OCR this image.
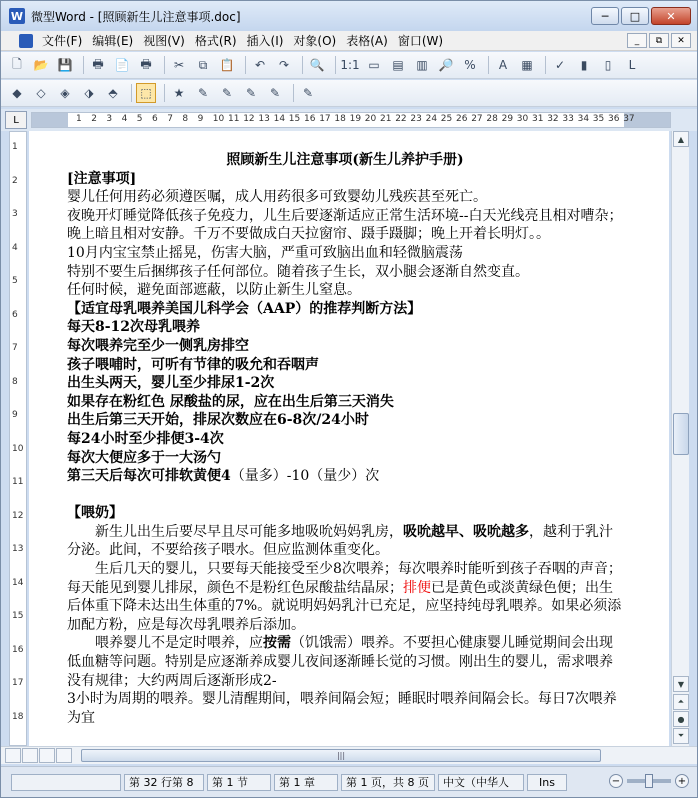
W 微型Word - [照顾新生儿注意事项.doc]	─	□	✕
文件(F) 编辑(E) 视图(V) 格式(R) 插入(I) 对象(O) 表格(A) 窗口(W)	_	⧉	✕
🗋 📂 💾	🖶 📄 🖶	✂	⧉	📋	↶	↷	🔍 1:1 ▭	▤	▥ 🔎 %	A	▦	✓	▮	▯	L
◆	◇	◈	⬗	⬘	⬚	★	✎	✎	✎	✎	✎
L	1 2 3 4 5 6 7 8 9 10 11 12 13 14 15 16 17 18 19 20 21 22 23 24 25 26 27 28 29 30 31 32 33 34 35 36 37
1
2
3
4
5
6
7
8
9
10
11
12
13
14
15
16
17
18

照顾新生儿注意事项(新生儿养护手册)

[注意事项]

婴儿任何用药必须遵医嘱，成人用药很多可致婴幼儿残疾甚至死亡。

夜晚开灯睡觉降低孩子免疫力，儿生后要逐渐适应正常生活环境--白天光线亮且相对嘈杂；晚上暗且相对安静。千万不要做成白天拉窗帘、蹑手蹑脚；晚上开着长明灯。。

10月内宝宝禁止摇晃，伤害大脑，严重可致脑出血和轻微脑震荡

特别不要生后捆绑孩子任何部位。随着孩子生长，双小腿会逐渐自然变直。

任何时候，避免面部遮蔽，以防止新生儿窒息。

【适宜母乳喂养美国儿科学会（AAP）的推荐判断方法】

每天8-12次母乳喂养

每次喂养完至少一侧乳房排空

孩子喂哺时，可听有节律的吸允和吞咽声

出生头两天，婴儿至少排尿1-2次

如果存在粉红色 尿酸盐的尿，应在出生后第三天消失

出生后第三天开始，排尿次数应在6-8次/24小时

每24小时至少排便3-4次

每次大便应多于一大汤勺

第三天后每次可排软黄便4（量多）-10（量少）次

【喂奶】

新生儿出生后要尽早且尽可能多地吸吮妈妈乳房，吸吮越早、吸吮越多，越利于乳汁分泌。此间，不要给孩子喂水。但应监测体重变化。

生后几天的婴儿，只要每天能接受至少8次喂养；每次喂养时能听到孩子吞咽的声音；每天能见到婴儿排尿，颜色不是粉红色尿酸盐结晶尿；排便已是黄色或淡黄绿色便；出生后体重下降未达出生体重的7%。就说明妈妈乳汁已充足，应坚持纯母乳喂养。如果必须添加配方粉，应是每次母乳喂养后添加。

喂养婴儿不是定时喂养，应按需（饥饿需）喂养。不要担心健康婴儿睡觉期间会出现低血糖等问题。特别是应逐渐养成婴儿夜间逐渐睡长觉的习惯。刚出生的婴儿，需求喂养没有规律；大约两周后逐渐形成2-

3小时为周期的喂养。婴儿清醒期间，喂养间隔会短；睡眠时喂养间隔会长。每日7次喂养为宜

▲
▼
⏶
●
⏷
|||
第 32 行第 8	第 1 节	第 1 章	第 1 页，共 8 页	中文（中华人	Ins	−	+
